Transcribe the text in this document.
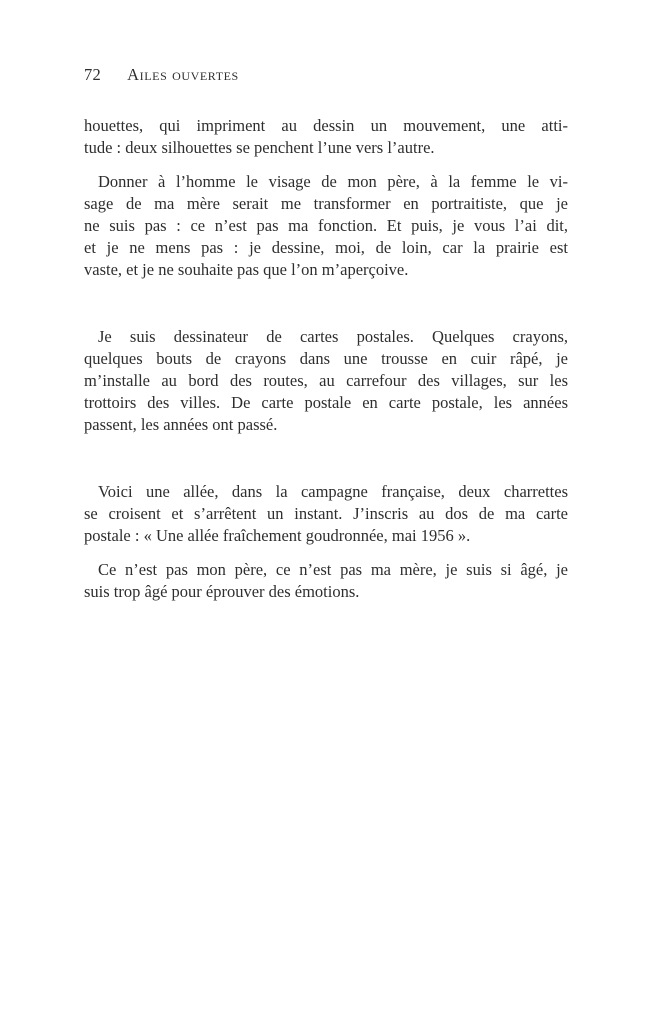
72 Ailes ouvertes

houettes, qui impriment au dessin un mouvement, une atti-
tude : deux silhouettes se penchent l’une vers l’autre.

Donner à l’homme le visage de mon père, à la femme le vi-
sage de ma mère serait me transformer en portraitiste, que je
ne suis pas : ce n’est pas ma fonction. Et puis, je vous l’ai dit,
et je ne mens pas : je dessine, moi, de loin, car la prairie est
vaste, et je ne souhaite pas que l’on m’aperçoive.

Je suis dessinateur de cartes postales. Quelques crayons,
quelques bouts de crayons dans une trousse en cuir râpé, je
m’installe au bord des routes, au carrefour des villages, sur les
trottoirs des villes. De carte postale en carte postale, les années
passent, les années ont passé.

Voici une allée, dans la campagne française, deux charrettes
se croisent et s’arrêtent un instant. J’inscris au dos de ma carte
postale : « Une allée fraîchement goudronnée, mai 1956 ».

Ce n’est pas mon père, ce n’est pas ma mère, je suis si âgé, je
suis trop âgé pour éprouver des émotions.
